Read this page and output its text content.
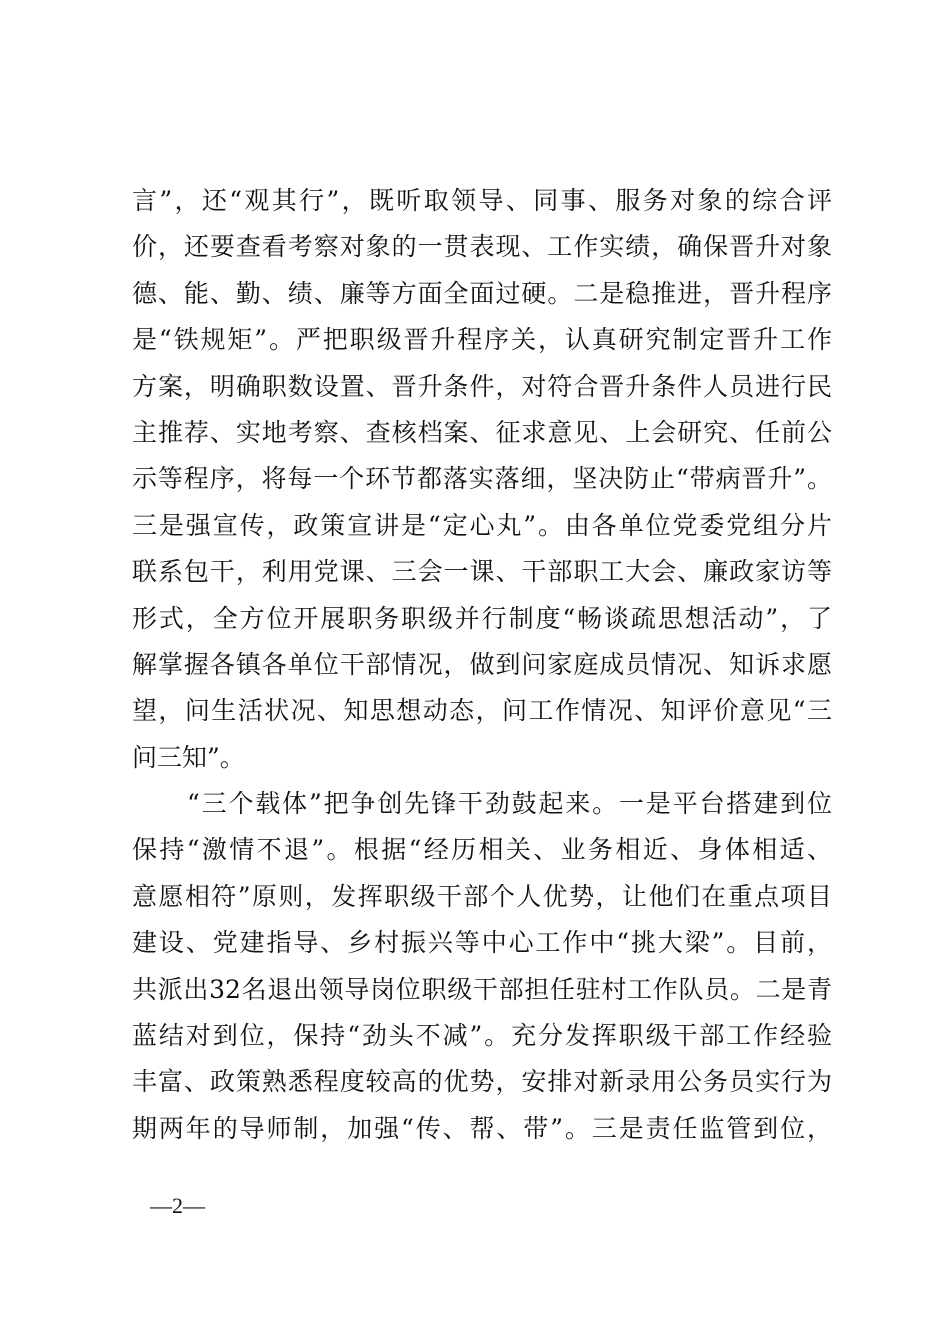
言”，还“观其行”，既听取领导、同事、服务对象的综合评
价，还要查看考察对象的一贯表现、工作实绩，确保晋升对象
德、能、勤、绩、廉等方面全面过硬。二是稳推进，晋升程序
是“铁规矩”。严把职级晋升程序关，认真研究制定晋升工作
方案，明确职数设置、晋升条件，对符合晋升条件人员进行民
主推荐、实地考察、查核档案、征求意见、上会研究、任前公
示等程序，将每一个环节都落实落细，坚决防止“带病晋升”。
三是强宣传，政策宣讲是“定心丸”。由各单位党委党组分片
联系包干，利用党课、三会一课、干部职工大会、廉政家访等
形式，全方位开展职务职级并行制度“畅谈疏思想活动”，了
解掌握各镇各单位干部情况，做到问家庭成员情况、知诉求愿
望，问生活状况、知思想动态，问工作情况、知评价意见“三
问三知”。
“三个载体”把争创先锋干劲鼓起来。一是平台搭建到位
保持“激情不退”。根据“经历相关、业务相近、身体相适、
意愿相符”原则，发挥职级干部个人优势，让他们在重点项目
建设、党建指导、乡村振兴等中心工作中“挑大梁”。目前，
共派出32名退出领导岗位职级干部担任驻村工作队员。二是青
蓝结对到位，保持“劲头不减”。充分发挥职级干部工作经验
丰富、政策熟悉程度较高的优势，安排对新录用公务员实行为
期两年的导师制，加强“传、帮、带”。三是责任监管到位，
—2—
